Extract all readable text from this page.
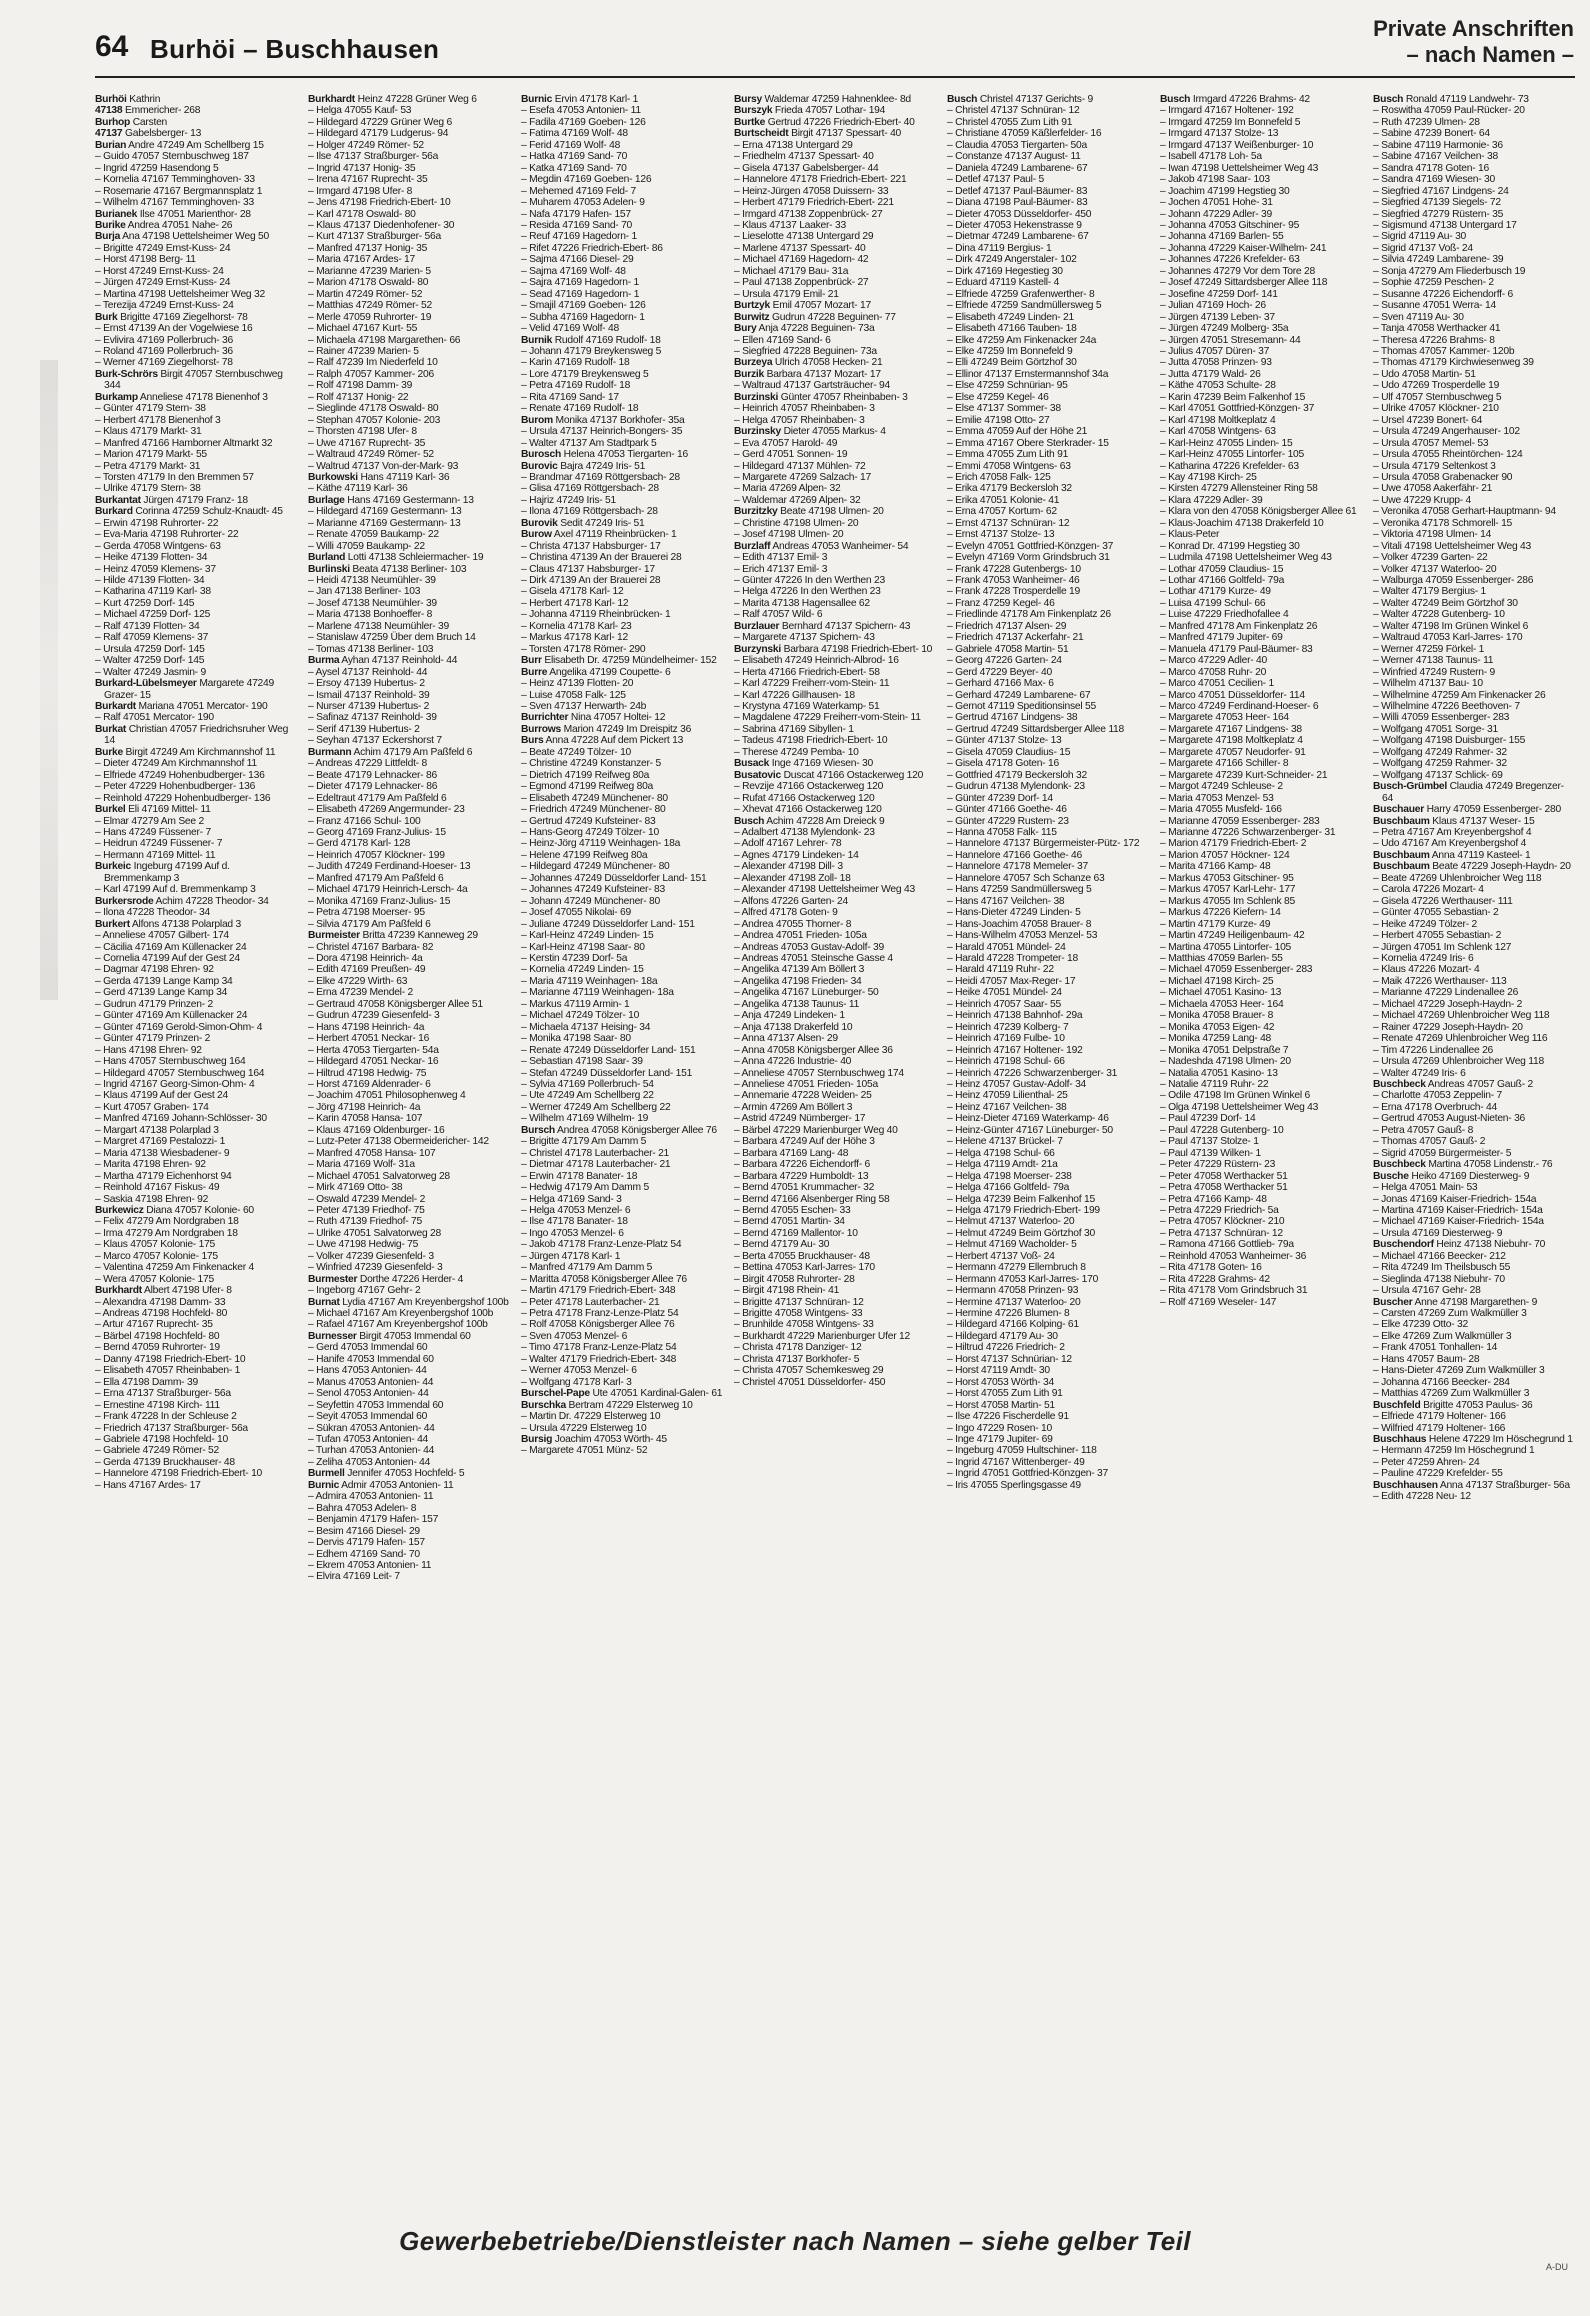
64 Burhöi – Buschhausen
Private Anschriften
– nach Namen –
Burhöi Kathrin
47138 Emmericher- 268
Burhop Carsten
47137 Gabelsberger- 13
Burian Andre 47249 Am Schellberg 15
– Guido 47057 Sternbuschweg 187
– Ingrid 47259 Hasendong 5
– Kornelia 47167 Temminghoven- 33
– Rosemarie 47167 Bergmannsplatz 1
– Wilhelm 47167 Temminghoven- 33
Burianek Ilse 47051 Marienthor- 28
Burike Andrea 47051 Nahe- 26
Burja Ana 47198 Uettelsheimer Weg 50
– Brigitte 47249 Ernst-Kuss- 24
– Horst 47198 Berg- 11
– Horst 47249 Ernst-Kuss- 24
– Jürgen 47249 Ernst-Kuss- 24
– Martina 47198 Uettelsheimer Weg 32
– Terezija 47249 Ernst-Kuss- 24
Burk Brigitte 47169 Ziegelhorst- 78
– Ernst 47139 An der Vogelwiese 16
– Evlivira 47169 Pollerbruch- 36
– Roland 47169 Pollerbruch- 36
– Werner 47169 Ziegelhorst- 78
Burk-Schrörs Birgit 47057 Sternbuschweg 344
Burkamp Anneliese 47178 Bienenhof 3
– Günter 47179 Stern- 38
– Herbert 47178 Bienenhof 3
– Klaus 47179 Markt- 31
– Manfred 47166 Hamborner Altmarkt 32
– Marion 47179 Markt- 55
– Petra 47179 Markt- 31
– Torsten 47179 In den Bremmen 57
– Ulrike 47179 Stern- 38
Burkantat Jürgen 47179 Franz- 18
Burkard Corinna 47259 Schulz-Knaudt- 45
– Erwin 47198 Ruhrorter- 22
– Eva-Maria 47198 Ruhrorter- 22
– Gerda 47058 Wintgens- 63
– Heike 47139 Flotten- 34
– Heinz 47059 Klemens- 37
– Hilde 47139 Flotten- 34
– Katharina 47119 Karl- 38
– Kurt 47259 Dorf- 145
– Michael 47259 Dorf- 125
– Ralf 47139 Flotten- 34
– Ralf 47059 Klemens- 37
– Ursula 47259 Dorf- 145
– Walter 47259 Dorf- 145
– Walter 47249 Jasmin- 9
Burkard-Lübelsmeyer Margarete 47249 Grazer- 15
Burkardt Mariana 47051 Mercator- 190
– Ralf 47051 Mercator- 190
Burkat Christian 47057 Friedrichsruher Weg 14
Burke Birgit 47249 Am Kirchmannshof 11
– Dieter 47249 Am Kirchmannshof 11
– Elfriede 47249 Hohenbudberger- 136
– Peter 47229 Hohenbudberger- 136
– Reinhold 47229 Hohenbudberger- 136
Burkel Eli 47169 Mittel- 11
– Elmar 47279 Am See 2
– Hans 47249 Füssener- 7
– Heidrun 47249 Füssener- 7
– Hermann 47169 Mittel- 11
Burkeic Ingeburg 47199 Auf d. Bremmenkamp 3
– Karl 47199 Auf d. Bremmenkamp 3
Burkersrode Achim 47228 Theodor- 34
– Ilona 47228 Theodor- 34
Burkert Alfons 47138 Polarplad 3
– Anneliese 47057 Gilbert- 174
– Cäcilia 47169 Am Küllenacker 24
– Cornelia 47199 Auf der Gest 24
– Dagmar 47198 Ehren- 92
– Gerda 47139 Lange Kamp 34
– Gerd 47139 Lange Kamp 34
– Gudrun 47179 Prinzen- 2
– Günter 47169 Am Küllenacker 24
– Günter 47169 Gerold-Simon-Ohm- 4
– Günter 47179 Prinzen- 2
– Hans 47198 Ehren- 92
– Hans 47057 Sternbuschweg 164
– Hildegard 47057 Sternbuschweg 164
– Ingrid 47167 Georg-Simon-Ohm- 4
– Klaus 47199 Auf der Gest 24
– Kurt 47057 Graben- 174
– Manfred 47169 Johann-Schlösser- 30
– Margart 47138 Polarplad 3
– Margret 47169 Pestalozzi- 1
– Maria 47138 Wiesbadener- 9
– Marita 47198 Ehren- 92
– Martha 47179 Eichenhorst 94
– Reinhold 47167 Fiskus- 49
– Saskia 47198 Ehren- 92
Burkewicz Diana 47057 Kolonie- 60
– Felix 47279 Am Nordgraben 18
– Irma 47279 Am Nordgraben 18
– Klaus 47057 Kolonie- 175
– Marco 47057 Kolonie- 175
– Valentina 47259 Am Finkenacker 4
– Wera 47057 Kolonie- 175
Burkhardt Albert 47198 Ufer- 8
– Alexandra 47198 Damm- 33
– Andreas 47198 Hochfeld- 80
– Artur 47167 Ruprecht- 35
– Bärbel 47198 Hochfeld- 80
– Bernd 47059 Ruhrorter- 19
– Danny 47198 Friedrich-Ebert- 10
– Elisabeth 47057 Rheinbaben- 1
– Ella 47198 Damm- 39
– Erna 47137 Straßburger- 56a
– Ernestine 47198 Kirch- 111
– Frank 47228 In der Schleuse 2
– Friedrich 47137 Straßburger- 56a
– Gabriele 47198 Hochfeld- 10
– Gabriele 47249 Römer- 52
– Gerda 47139 Bruckhauser- 48
– Hannelore 47198 Friedrich-Ebert- 10
– Hans 47167 Ardes- 17
Burkhardt Heinz 47228 Grüner Weg 6
– Helga 47055 Kauf- 53
– Hildegard 47229 Grüner Weg 6
– Hildegard 47179 Ludgerus- 94
– Holger 47249 Römer- 52
– Ilse 47137 Straßburger- 56a
– Ingrid 47137 Honig- 35
– Irena 47167 Ruprecht- 35
– Irmgard 47198 Ufer- 8
– Jens 47198 Friedrich-Ebert- 10
– Karl 47178 Oswald- 80
– Klaus 47137 Diedenhofener- 30
– Kurt 47137 Straßburger- 56a
– Manfred 47137 Honig- 35
– Maria 47167 Ardes- 17
– Marianne 47239 Marien- 5
– Marion 47178 Oswald- 80
– Martin 47249 Römer- 52
– Matthias 47249 Römer- 52
– Merle 47059 Ruhrorter- 19
– Michael 47167 Kurt- 55
– Michaela 47198 Margarethen- 66
– Rainer 47239 Marien- 5
– Ralf 47239 Im Niederfeld 10
– Ralph 47057 Kammer- 206
– Rolf 47198 Damm- 39
– Rolf 47137 Honig- 22
– Sieglinde 47178 Oswald- 80
– Stephan 47057 Kolonie- 203
– Thorsten 47198 Ufer- 8
– Uwe 47167 Ruprecht- 35
– Waltraud 47249 Römer- 52
– Waltrud 47137 Von-der-Mark- 93
Burkowski Hans 47119 Karl- 36
– Käthe 47119 Karl- 36
Burlage Hans 47169 Gestermann- 13
– Hildegard 47169 Gestermann- 13
– Marianne 47169 Gestermann- 13
– Renate 47059 Baukamp- 22
– Willi 47059 Baukamp- 22
Burland Lotti 47138 Schleiermacher- 19
Burlinski Beata 47138 Berliner- 103
– Heidi 47138 Neumühler- 39
– Jan 47138 Berliner- 103
– Josef 47138 Neumühler- 39
– Maria 47138 Bonhoeffer- 8
– Marlene 47138 Neumühler- 39
– Stanislaw 47259 Über dem Bruch 14
– Tomas 47138 Berliner- 103
Burma Ayhan 47137 Reinhold- 44
– Aysel 47137 Reinhold- 44
– Ersoy 47139 Hubertus- 2
– Ismail 47137 Reinhold- 39
– Nurser 47139 Hubertus- 2
– Safinaz 47137 Reinhold- 39
– Serif 47139 Hubertus- 2
– Seyhan 47137 Eckershorst 7
Burmann Achim 47179 Am Paßfeld 6
– Andreas 47229 Littfeldt- 8
– Beate 47179 Lehnacker- 86
– Dieter 47179 Lehnacker- 86
– Edeltraut 47179 Am Paßfeld 6
– Elisabeth 47269 Angermunder- 23
– Franz 47166 Schul- 100
– Georg 47169 Franz-Julius- 15
– Gerd 47178 Karl- 128
– Heinrich 47057 Klöckner- 199
– Judith 47249 Ferdinand-Hoeser- 13
– Manfred 47179 Am Paßfeld 6
– Michael 47179 Heinrich-Lersch- 4a
– Monika 47169 Franz-Julius- 15
– Petra 47198 Moerser- 95
– Silvia 47179 Am Paßfeld 6
Burmeister Britta 47239 Kanneweg 29
– Christel 47167 Barbara- 82
– Dora 47198 Heinrich- 4a
– Edith 47169 Preußen- 49
– Elke 47229 Wirth- 63
– Erna 47239 Mendel- 2
– Gertraud 47058 Königsberger Allee 51
– Gudrun 47239 Giesenfeld- 3
– Hans 47198 Heinrich- 4a
– Herbert 47051 Neckar- 16
– Herta 47053 Tiergarten- 54a
– Hildegard 47051 Neckar- 16
– Hiltrud 47198 Hedwig- 75
– Horst 47169 Aldenrader- 6
– Joachim 47051 Philosophenweg 4
– Jörg 47198 Heinrich- 4a
– Karin 47058 Hansa- 107
– Klaus 47169 Oldenburger- 16
– Lutz-Peter 47138 Obermeidericher- 142
– Manfred 47058 Hansa- 107
– Maria 47169 Wolf- 31a
– Michael 47051 Salvatorweg 28
– Mirk 47169 Otto- 38
– Oswald 47239 Mendel- 2
– Peter 47139 Friedhof- 75
– Ruth 47139 Friedhof- 75
– Ulrike 47051 Salvatorweg 28
– Uwe 47198 Hedwig- 75
– Volker 47239 Giesenfeld- 3
– Winfried 47239 Giesenfeld- 3
Burmester Dorthe 47226 Herder- 4
– Ingeborg 47167 Gehr- 2
Burnat Lydia 47167 Am Kreyenbergshof 100b
– Michael 47167 Am Kreyenbergshof 100b
– Rafael 47167 Am Kreyenbergshof 100b
Burnesser Birgit 47053 Immendal 60
– Gerd 47053 Immendal 60
– Hanife 47053 Immendal 60
– Hans 47053 Antonien- 44
– Manus 47053 Antonien- 44
– Senol 47053 Antonien- 44
– Seyfettin 47053 Immendal 60
– Seyit 47053 Immendal 60
– Sükran 47053 Antonien- 44
– Tufan 47053 Antonien- 44
– Turhan 47053 Antonien- 44
– Zeliha 47053 Antonien- 44
Burmell Jennifer 47053 Hochfeld- 5
Burnic Admir 47053 Antonien- 11
– Admira 47053 Antonien- 11
– Bahra 47053 Adelen- 8
– Benjamin 47179 Hafen- 157
– Besim 47166 Diesel- 29
– Dervis 47179 Hafen- 157
– Edhem 47169 Sand- 70
– Ekrem 47053 Antonien- 11
– Elvira 47169 Leit- 7
Burnic Ervin 47178 Karl- 1
– Esefa 47053 Antonien- 11
– Fadila 47169 Goeben- 126
– Fatima 47169 Wolf- 48
– Ferid 47169 Wolf- 48
– Hatka 47169 Sand- 70
– Katka 47169 Sand- 70
– Megdin 47169 Goeben- 126
– Mehemed 47169 Feld- 7
– Muharem 47053 Adelen- 9
– Nafa 47179 Hafen- 157
– Resida 47169 Sand- 70
– Reuf 47169 Hagedorn- 1
– Rifet 47226 Friedrich-Ebert- 86
– Sajma 47166 Diesel- 29
– Sajma 47169 Wolf- 48
– Sajra 47169 Hagedorn- 1
– Sead 47169 Hagedorn- 1
– Smajil 47169 Goeben- 126
– Subha 47169 Hagedorn- 1
– Velid 47169 Wolf- 48
Burnik Rudolf 47169 Rudolf- 18
– Johann 47179 Breykensweg 5
– Karin 47169 Rudolf- 18
– Lore 47179 Breykensweg 5
– Petra 47169 Rudolf- 18
– Rita 47169 Sand- 17
– Renate 47169 Rudolf- 18
Burom Monika 47137 Borkhofer- 35a
– Ursula 47137 Heinrich-Bongers- 35
– Walter 47137 Am Stadtpark 5
Burosch Helena 47053 Tiergarten- 16
Burovic Bajra 47249 Iris- 51
– Brandmar 47169 Röttgersbach- 28
– Glisa 47169 Röttgersbach- 28
– Hajriz 47249 Iris- 51
– Ilona 47169 Röttgersbach- 28
Burovik Sedit 47249 Iris- 51
Burow Axel 47119 Rheinbrücken- 1
– Christa 47137 Habsburger- 17
– Christina 47139 An der Brauerei 28
– Claus 47137 Habsburger- 17
– Dirk 47139 An der Brauerei 28
– Gisela 47178 Karl- 12
– Herbert 47178 Karl- 12
– Johanna 47119 Rheinbrücken- 1
– Kornelia 47178 Karl- 23
– Markus 47178 Karl- 12
– Torsten 47178 Römer- 290
Burr Elisabeth Dr. 47259 Mündelheimer- 152
Burre Angelika 47199 Coupette- 6
– Heinz 47139 Flotten- 20
– Luise 47058 Falk- 125
– Sven 47137 Herwarth- 24b
Burrichter Nina 47057 Holtei- 12
Burrows Marion 47249 Im Dreispitz 36
Burs Anna 47228 Auf dem Pickert 13
– Beate 47249 Tölzer- 10
– Christine 47249 Konstanzer- 5
– Dietrich 47199 Reifweg 80a
– Egmond 47199 Reifweg 80a
– Elisabeth 47249 Münchener- 80
– Friedrich 47249 Münchener- 80
– Gertrud 47249 Kufsteiner- 83
– Hans-Georg 47249 Tölzer- 10
– Heinz-Jörg 47119 Weinhagen- 18a
– Helene 47199 Reifweg 80a
– Hildegard 47249 Münchener- 80
– Johannes 47249 Düsseldorfer Land- 151
– Johannes 47249 Kufsteiner- 83
– Johann 47249 Münchener- 80
– Josef 47055 Nikolai- 69
– Juliane 47249 Düsseldorfer Land- 151
– Karl-Heinz 47249 Linden- 15
– Karl-Heinz 47198 Saar- 80
– Kerstin 47239 Dorf- 5a
– Kornelia 47249 Linden- 15
– Maria 47119 Weinhagen- 18a
– Marianne 47119 Weinhagen- 18a
– Markus 47119 Armin- 1
– Michael 47249 Tölzer- 10
– Michaela 47137 Heising- 34
– Monika 47198 Saar- 80
– Renate 47249 Düsseldorfer Land- 151
– Sebastian 47198 Saar- 39
– Stefan 47249 Düsseldorfer Land- 151
– Sylvia 47169 Pollerbruch- 54
– Ute 47249 Am Schellberg 22
– Werner 47249 Am Schellberg 22
– Wilhelm 47169 Wilhelm- 19
Bursch Andrea 47058 Königsberger Allee 76
– Brigitte 47179 Am Damm 5
– Christel 47178 Lauterbacher- 21
– Dietmar 47178 Lauterbacher- 21
– Erwin 47178 Banater- 18
– Hedwig 47179 Am Damm 5
– Helga 47169 Sand- 3
– Helga 47053 Menzel- 6
– Ilse 47178 Banater- 18
– Ingo 47053 Menzel- 6
– Jakob 47178 Franz-Lenze-Platz 54
– Jürgen 47178 Karl- 1
– Manfred 47179 Am Damm 5
– Maritta 47058 Königsberger Allee 76
– Martin 47179 Friedrich-Ebert- 348
– Peter 47178 Lauterbacher- 21
– Petra 47178 Franz-Lenze-Platz 54
– Rolf 47058 Königsberger Allee 76
– Sven 47053 Menzel- 6
– Timo 47178 Franz-Lenze-Platz 54
– Walter 47179 Friedrich-Ebert- 348
– Werner 47053 Menzel- 6
– Wolfgang 47178 Karl- 3
Burschel-Pape Ute 47051 Kardinal-Galen- 61
Burschka Bertram 47229 Elsterweg 10
– Martin Dr. 47229 Elsterweg 10
– Ursula 47229 Elsterweg 10
Bursig Joachim 47053 Wörth- 45
– Margarete 47051 Münz- 52
Bursy Waldemar 47259 Hahnenklee- 8d
Burszyk Frieda 47057 Lothar- 194
Burtke Gertrud 47226 Friedrich-Ebert- 40
Burtscheidt Birgit 47137 Spessart- 40
– Erna 47138 Untergard 29
– Friedhelm 47137 Spessart- 40
– Gisela 47137 Gabelsberger- 44
– Hannelore 47178 Friedrich-Ebert- 221
– Heinz-Jürgen 47058 Duissern- 33
– Herbert 47179 Friedrich-Ebert- 221
– Irmgard 47138 Zoppenbrück- 27
– Klaus 47137 Laaker- 33
– Lieselotte 47138 Untergard 29
– Marlene 47137 Spessart- 40
– Michael 47169 Hagedorn- 42
– Michael 47179 Bau- 31a
– Paul 47138 Zoppenbrück- 27
– Ursula 47179 Emil- 21
Burtzyk Emil 47057 Mozart- 17
Burwitz Gudrun 47228 Beguinen- 77
Bury Anja 47228 Beguinen- 73a
– Ellen 47169 Sand- 6
– Siegfried 47228 Beguinen- 73a
Burzeya Ulrich 47058 Hecken- 21
Burzik Barbara 47137 Mozart- 17
– Waltraud 47137 Gartsträucher- 94
Burzinski Günter 47057 Rheinbaben- 3
– Heinrich 47057 Rheinbaben- 3
– Helga 47057 Rheinbaben- 3
Burzinsky Dieter 47055 Markus- 4
– Eva 47057 Harold- 49
– Gerd 47051 Sonnen- 19
– Hildegard 47137 Mühlen- 72
– Margarete 47269 Salzach- 17
– Maria 47269 Alpen- 32
– Waldemar 47269 Alpen- 32
Burzitzky Beate 47198 Ulmen- 20
– Christine 47198 Ulmen- 20
– Josef 47198 Ulmen- 20
Burzlaff Andreas 47053 Wanheimer- 54
– Edith 47137 Emil- 3
– Erich 47137 Emil- 3
– Günter 47226 In den Werthen 23
– Helga 47226 In den Werthen 23
– Marita 47138 Hagensallee 62
– Ralf 47057 Wild- 6
Burzlauer Bernhard 47137 Spichern- 43
– Margarete 47137 Spichern- 43
Burzynski Barbara 47198 Friedrich-Ebert- 10
– Elisabeth 47249 Heinrich-Albrod- 16
– Herta 47166 Friedrich-Ebert- 58
– Karl 47229 Freiherr-vom-Stein- 11
– Karl 47226 Gillhausen- 18
– Krystyna 47169 Waterkamp- 51
– Magdalene 47229 Freiherr-vom-Stein- 11
– Sabrina 47169 Sibyllen- 1
– Tadeus 47198 Friedrich-Ebert- 10
– Therese 47249 Pemba- 10
Busack Inge 47169 Wiesen- 30
Busatovic Duscat 47166 Ostackerweg 120
– Revzije 47166 Ostackerweg 120
– Rufat 47166 Ostackerweg 120
– Xhevat 47166 Ostackerweg 120
Busch Achim 47228 Am Dreieck 9
– Adalbert 47138 Mylendonk- 23
– Adolf 47167 Lehrer- 78
– Agnes 47179 Lindeken- 14
– Alexander 47198 Dill- 3
– Alexander 47198 Zoll- 18
– Alexander 47198 Uettelsheimer Weg 43
– Alfons 47226 Garten- 24
– Alfred 47178 Goten- 9
– Andrea 47055 Thorner- 8
– Andrea 47051 Frieden- 105a
– Andreas 47053 Gustav-Adolf- 39
– Andreas 47051 Steinsche Gasse 4
– Angelika 47139 Am Böllert 3
– Angelika 47198 Frieden- 34
– Angelika 47167 Lüneburger- 50
– Angelika 47138 Taunus- 11
– Anja 47249 Lindeken- 1
– Anja 47138 Drakerfeld 10
– Anna 47137 Alsen- 29
– Anna 47058 Königsberger Allee 36
– Anna 47226 Industrie- 40
– Anneliese 47057 Sternbuschweg 174
– Anneliese 47051 Frieden- 105a
– Annemarie 47228 Weiden- 25
– Armin 47269 Am Böllert 3
– Astrid 47249 Nürnberger- 17
– Bärbel 47229 Marienburger Weg 40
– Barbara 47249 Auf der Höhe 3
– Barbara 47169 Lang- 48
– Barbara 47226 Eichendorff- 6
– Barbara 47229 Humboldt- 13
– Bernd 47051 Krummacher- 32
– Bernd 47166 Alsenberger Ring 58
– Bernd 47055 Eschen- 33
– Bernd 47051 Martin- 34
– Bernd 47169 Mallentor- 10
– Bernd 47179 Au- 30
– Berta 47055 Bruckhauser- 48
– Bettina 47053 Karl-Jarres- 170
– Birgit 47058 Ruhrorter- 28
– Birgit 47198 Rhein- 41
– Brigitte 47137 Schnüran- 12
– Brigitte 47058 Wintgens- 33
– Brunhilde 47058 Wintgens- 33
– Burkhardt 47229 Marienburger Ufer 12
– Christa 47178 Danziger- 12
– Christa 47137 Borkhofer- 5
– Christa 47057 Schemkesweg 29
– Christel 47051 Düsseldorfer- 450
Busch Christel 47137 Gerichts- 9
– Christel 47137 Schnüran- 12
– Christel 47055 Zum Lith 91
– Christiane 47059 Käßlerfelder- 16
– Claudia 47053 Tiergarten- 50a
– Constanze 47137 August- 11
– Daniela 47249 Lambarene- 67
– Detlef 47137 Paul- 5
– Detlef 47137 Paul-Bäumer- 83
– Diana 47198 Paul-Bäumer- 83
– Dieter 47053 Düsseldorfer- 450
– Dieter 47053 Hekenstrasse 9
– Dietmar 47249 Lambarene- 67
– Dina 47119 Bergius- 1
– Dirk 47249 Angerstaler- 102
– Dirk 47169 Hegestieg 30
– Eduard 47119 Kastell- 4
– Elfriede 47259 Grafenwerther- 8
– Elfriede 47259 Sandmüllersweg 5
– Elisabeth 47249 Linden- 21
– Elisabeth 47166 Tauben- 18
– Elke 47259 Am Finkenacker 24a
– Elke 47259 Im Bonnefeld 9
– Elli 47249 Beim Görtzhof 30
– Ellinor 47137 Ernstermannshof 34a
– Else 47259 Schnürian- 95
– Else 47259 Kegel- 46
– Else 47137 Sommer- 38
– Emilie 47198 Otto- 27
– Emma 47059 Auf der Höhe 21
– Emma 47167 Obere Sterkrader- 15
– Emma 47055 Zum Lith 91
– Emmi 47058 Wintgens- 63
– Erich 47058 Falk- 125
– Erika 47179 Beckersloh 32
– Erika 47051 Kolonie- 41
– Erna 47057 Kortum- 62
– Ernst 47137 Schnüran- 12
– Ernst 47137 Stolze- 13
– Evelyn 47051 Gottfried-Könzgen- 37
– Evelyn 47169 Vorm Grindsbruch 31
– Frank 47228 Gutenbergs- 10
– Frank 47053 Wanheimer- 46
– Frank 47228 Trosperdelle 19
– Franz 47259 Kegel- 46
– Friedlinde 47178 Am Finkenplatz 26
– Friedrich 47137 Alsen- 29
– Friedrich 47137 Ackerfahr- 21
– Gabriele 47058 Martin- 51
– Georg 47226 Garten- 24
– Gerd 47229 Beyer- 40
– Gerhard 47166 Max- 6
– Gerhard 47249 Lambarene- 67
– Gernot 47119 Speditionsinsel 55
– Gertrud 47167 Lindgens- 38
– Gertrud 47249 Sittardsberger Allee 118
– Günter 47137 Stolze- 13
– Gisela 47059 Claudius- 15
– Gisela 47178 Goten- 16
– Gottfried 47179 Beckersloh 32
– Gudrun 47138 Mylendonk- 23
– Günter 47239 Dorf- 14
– Günter 47166 Goethe- 46
– Günter 47229 Rustern- 23
– Hanna 47058 Falk- 115
– Hannelore 47137 Bürgermeister-Pütz- 172
– Hannelore 47166 Goethe- 46
– Hannelore 47178 Memeler- 37
– Hannelore 47057 Sch Schanze 63
– Hans 47259 Sandmüllersweg 5
– Hans 47167 Veilchen- 38
– Hans-Dieter 47249 Linden- 5
– Hans-Joachim 47058 Brauer- 8
– Hans-Wilhelm 47053 Menzel- 53
– Harald 47051 Mündel- 24
– Harald 47228 Trompeter- 18
– Harald 47119 Ruhr- 22
– Heidi 47057 Max-Reger- 17
– Heike 47051 Mündel- 24
– Heinrich 47057 Saar- 55
– Heinrich 47138 Bahnhof- 29a
– Heinrich 47239 Kolberg- 7
– Heinrich 47169 Fulbe- 10
– Heinrich 47167 Holtener- 192
– Heinrich 47198 Schul- 66
– Heinrich 47226 Schwarzenberger- 31
– Heinz 47057 Gustav-Adolf- 34
– Heinz 47059 Lilienthal- 25
– Heinz 47167 Veilchen- 38
– Heinz-Dieter 47169 Waterkamp- 46
– Heinz-Günter 47167 Lüneburger- 50
– Helene 47137 Brückel- 7
– Helga 47198 Schul- 66
– Helga 47119 Arndt- 21a
– Helga 47198 Moerser- 238
– Helga 47166 Goltfeld- 79a
– Helga 47239 Beim Falkenhof 15
– Helga 47179 Friedrich-Ebert- 199
– Helmut 47137 Waterloo- 20
– Helmut 47249 Beim Görtzhof 30
– Helmut 47169 Wacholder- 5
– Herbert 47137 Voß- 24
– Hermann 47279 Ellernbruch 8
– Hermann 47053 Karl-Jarres- 170
– Hermann 47058 Prinzen- 93
– Hermine 47137 Waterloo- 20
– Hermine 47226 Blumen- 8
– Hildegard 47166 Kolping- 61
– Hildegard 47179 Au- 30
– Hiltrud 47226 Friedrich- 2
– Horst 47137 Schnürian- 12
– Horst 47119 Arndt- 30
– Horst 47053 Wörth- 34
– Horst 47055 Zum Lith 91
– Horst 47058 Martin- 51
– Ilse 47226 Fischerdelle 91
– Ingo 47229 Rosen- 10
– Inge 47179 Jupiter- 69
– Ingeburg 47059 Hultschiner- 118
– Ingrid 47167 Wittenberger- 49
– Ingrid 47051 Gottfried-Könzgen- 37
– Iris 47055 Sperlingsgasse 49
Busch Irmgard 47226 Brahms- 42
– Irmgard 47167 Holtener- 192
– Irmgard 47259 Im Bonnefeld 5
– Irmgard 47137 Stolze- 13
– Irmgard 47137 Weißenburger- 10
– Isabell 47178 Loh- 5a
– Iwan 47198 Uettelsheimer Weg 43
– Jakob 47198 Saar- 103
– Joachim 47199 Hegstieg 30
– Jochen 47051 Hohe- 31
– Johann 47229 Adler- 39
– Johanna 47053 Gitschiner- 95
– Johanna 47169 Barlen- 55
– Johanna 47229 Kaiser-Wilhelm- 241
– Johannes 47226 Krefelder- 63
– Johannes 47279 Vor dem Tore 28
– Josef 47249 Sittardsberger Allee 118
– Josefine 47259 Dorf- 141
– Julian 47169 Hoch- 26
– Jürgen 47139 Leben- 37
– Jürgen 47249 Molberg- 35a
– Jürgen 47051 Stresemann- 44
– Julius 47057 Düren- 37
– Jutta 47058 Prinzen- 93
– Jutta 47179 Wald- 26
– Käthe 47053 Schulte- 28
– Karin 47239 Beim Falkenhof 15
– Karl 47051 Gottfried-Könzgen- 37
– Karl 47198 Moltkeplatz 4
– Karl 47058 Wintgens- 63
– Karl-Heinz 47055 Linden- 15
– Karl-Heinz 47055 Lintorfer- 105
– Katharina 47226 Krefelder- 63
– Kay 47198 Kirch- 25
– Kirsten 47279 Allensteiner Ring 58
– Klara 47229 Adler- 39
– Klara von den 47058 Königsberger Allee 61
– Klaus-Joachim 47138 Drakerfeld 10
– Klaus-Peter
– Konrad Dr. 47199 Hegstieg 30
– Ludmila 47198 Uettelsheimer Weg 43
– Lothar 47059 Claudius- 15
– Lothar 47166 Goltfeld- 79a
– Lothar 47179 Kurze- 49
– Luisa 47199 Schul- 66
– Luise 47229 Friedhofallee 4
– Manfred 47178 Am Finkenplatz 26
– Manfred 47179 Jupiter- 69
– Manuela 47179 Paul-Bäumer- 83
– Marco 47229 Adler- 40
– Marco 47058 Ruhr- 20
– Marco 47051 Cecilien- 1
– Marco 47051 Düsseldorfer- 114
– Marco 47249 Ferdinand-Hoeser- 6
– Margarete 47053 Heer- 164
– Margarete 47167 Lindgens- 38
– Margarete 47198 Moltkeplatz 4
– Margarete 47057 Neudorfer- 91
– Margarete 47166 Schiller- 8
– Margarete 47239 Kurt-Schneider- 21
– Margot 47249 Schleuse- 2
– Maria 47053 Menzel- 53
– Maria 47055 Musfeld- 166
– Marianne 47059 Essenberger- 283
– Marianne 47226 Schwarzenberger- 31
– Marion 47179 Friedrich-Ebert- 2
– Marion 47057 Höckner- 124
– Marita 47166 Kamp- 48
– Markus 47053 Gitschiner- 95
– Markus 47057 Karl-Lehr- 177
– Markus 47055 Im Schlenk 85
– Markus 47226 Kiefern- 14
– Martin 47179 Kurze- 49
– Martin 47249 Heiligenbaum- 42
– Martina 47055 Lintorfer- 105
– Matthias 47059 Barlen- 55
– Michael 47059 Essenberger- 283
– Michael 47198 Kirch- 25
– Michael 47051 Kasino- 13
– Michaela 47053 Heer- 164
– Monika 47058 Brauer- 8
– Monika 47053 Eigen- 42
– Monika 47259 Lang- 48
– Monika 47051 Delpstraße 7
– Nadeshda 47198 Ulmen- 20
– Natalia 47051 Kasino- 13
– Natalie 47119 Ruhr- 22
– Odile 47198 Im Grünen Winkel 6
– Olga 47198 Uettelsheimer Weg 43
– Paul 47239 Dorf- 14
– Paul 47228 Gutenberg- 10
– Paul 47137 Stolze- 1
– Paul 47139 Wilken- 1
– Peter 47229 Rüstern- 23
– Peter 47058 Werthacker 51
– Petra 47058 Werthacker 51
– Petra 47166 Kamp- 48
– Petra 47229 Friedrich- 5a
– Petra 47057 Klöckner- 210
– Petra 47137 Schnüran- 12
– Ramona 47166 Gottlieb- 79a
– Reinhold 47053 Wanheimer- 36
– Rita 47178 Goten- 16
– Rita 47228 Grahms- 42
– Rita 47178 Vom Grindsbruch 31
– Rolf 47169 Weseler- 147
Busch Ronald 47119 Landwehr- 73
– Roswitha 47059 Paul-Rücker- 20
– Ruth 47239 Ulmen- 28
– Sabine 47239 Bonert- 64
– Sabine 47119 Harmonie- 36
– Sabine 47167 Veilchen- 38
– Sandra 47178 Goten- 16
– Sandra 47169 Wiesen- 30
– Siegfried 47167 Lindgens- 24
– Siegfried 47139 Siegels- 72
– Siegfried 47279 Rüstern- 35
– Sigismund 47138 Untergard 17
– Sigrid 47119 Au- 30
– Sigrid 47137 Voß- 24
– Silvia 47249 Lambarene- 39
– Sonja 47279 Am Fliederbusch 19
– Sophie 47259 Peschen- 2
– Susanne 47226 Eichendorff- 6
– Susanne 47051 Werra- 14
– Sven 47119 Au- 30
– Tanja 47058 Werthacker 41
– Theresa 47226 Brahms- 8
– Thomas 47057 Kammer- 120b
– Thomas 47179 Kirchwiesenweg 39
– Udo 47058 Martin- 51
– Udo 47269 Trosperdelle 19
– Ulf 47057 Sternbuschweg 5
– Ulrike 47057 Klöckner- 210
– Ursel 47239 Bonert- 64
– Ursula 47249 Angerhauser- 102
– Ursula 47057 Memel- 53
– Ursula 47055 Rheintörchen- 124
– Ursula 47179 Seltenkost 3
– Ursula 47058 Grabenacker 90
– Uwe 47058 Aakerfähr- 21
– Uwe 47229 Krupp- 4
– Veronika 47058 Gerhart-Hauptmann- 94
– Veronika 47178 Schmorell- 15
– Viktoria 47198 Ulmen- 14
– Vitali 47198 Uettelsheimer Weg 43
– Volker 47239 Garten- 22
– Volker 47137 Waterloo- 20
– Walburga 47059 Essenberger- 286
– Walter 47179 Bergius- 1
– Walter 47249 Beim Görtzhof 30
– Walter 47228 Gutenberg- 10
– Walter 47198 Im Grünen Winkel 6
– Waltraud 47053 Karl-Jarres- 170
– Werner 47259 Förkel- 1
– Werner 47138 Taunus- 11
– Winfried 47249 Rustern- 9
– Wilhelm 47137 Bau- 10
– Wilhelmine 47259 Am Finkenacker 26
– Wilhelmine 47226 Beethoven- 7
– Willi 47059 Essenberger- 283
– Wolfgang 47051 Sorge- 31
– Wolfgang 47198 Duisburger- 155
– Wolfgang 47249 Rahmer- 32
– Wolfgang 47259 Rahmer- 32
– Wolfgang 47137 Schlick- 69
Busch-Grümbel Claudia 47249 Bregenzer- 64
Buschauer Harry 47059 Essenberger- 280
Buschbaum Klaus 47137 Weser- 15
– Petra 47167 Am Kreyenbergshof 4
– Udo 47167 Am Kreyenbergshof 4
Buschbaum Anna 47119 Kasteel- 1
Buschbaum Beate 47229 Joseph-Haydn- 20
– Beate 47269 Uhlenbroicher Weg 118
– Carola 47226 Mozart- 4
– Gisela 47226 Werthauser- 111
– Günter 47055 Sebastian- 2
– Heike 47249 Tölzer- 2
– Herbert 47055 Sebastian- 2
– Jürgen 47051 Im Schlenk 127
– Kornelia 47249 Iris- 6
– Klaus 47226 Mozart- 4
– Maik 47226 Werthauser- 113
– Marianne 47229 Lindenallee 26
– Michael 47229 Joseph-Haydn- 2
– Michael 47269 Uhlenbroicher Weg 118
– Rainer 47229 Joseph-Haydn- 20
– Renate 47269 Uhlenbroicher Weg 116
– Tim 47226 Lindenallee 26
– Ursula 47269 Uhlenbroicher Weg 118
– Walter 47249 Iris- 6
Buschbeck Andreas 47057 Gauß- 2
– Charlotte 47053 Zeppelin- 7
– Erna 47178 Overbruch- 44
– Gertrud 47053 August-Nieten- 36
– Petra 47057 Gauß- 8
– Thomas 47057 Gauß- 2
– Sigrid 47059 Bürgermeister- 5
Buschbeck Martina 47058 Lindenstr.- 76
Busche Heiko 47169 Diesterweg- 9
– Helga 47051 Main- 53
– Jonas 47169 Kaiser-Friedrich- 154a
– Martina 47169 Kaiser-Friedrich- 154a
– Michael 47169 Kaiser-Friedrich- 154a
– Ursula 47169 Diesterweg- 9
Buschendorf Heinz 47138 Niebuhr- 70
– Michael 47166 Beecker- 212
– Rita 47249 Im Theilsbusch 55
– Sieglinda 47138 Niebuhr- 70
– Ursula 47167 Gehr- 28
Buscher Anne 47198 Margarethen- 9
– Carsten 47269 Zum Walkmüller 3
– Elke 47239 Otto- 32
– Elke 47269 Zum Walkmüller 3
– Frank 47051 Tonhallen- 14
– Hans 47057 Baum- 28
– Hans-Dieter 47269 Zum Walkmüller 3
– Johanna 47166 Beecker- 284
– Matthias 47269 Zum Walkmüller 3
Buschfeld Brigitte 47053 Paulus- 36
– Elfriede 47179 Holtener- 166
– Wilfried 47179 Holtener- 166
Buschhaus Helene 47229 Im Höschegrund 1
– Hermann 47259 Im Höschegrund 1
– Peter 47259 Ahren- 24
– Pauline 47229 Krefelder- 55
Buschhausen Anna 47137 Straßburger- 56a
– Edith 47228 Neu- 12
Gewerbebetriebe/Dienstleister nach Namen – siehe gelber Teil
A-DU
